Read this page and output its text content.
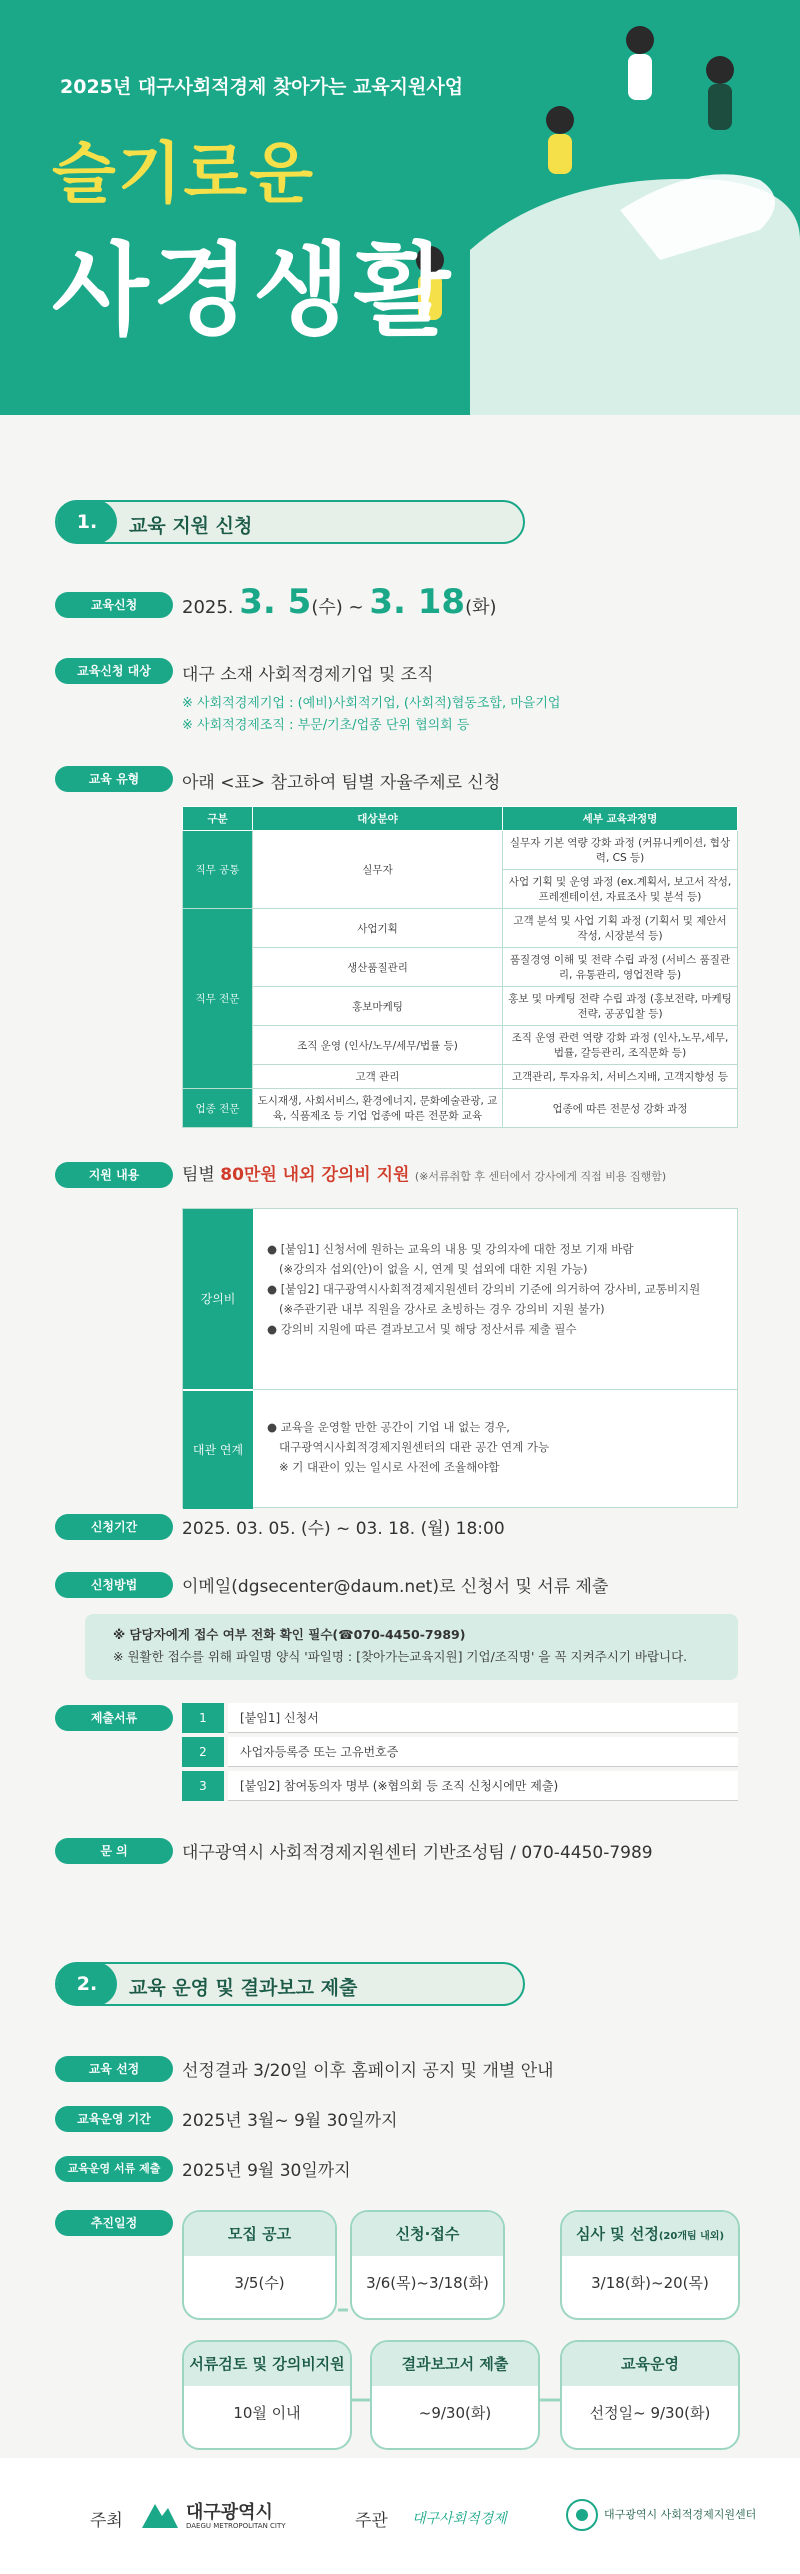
2025년 대구사회적경제 찾아가는 교육지원사업
슬기로운
사경생활
1.	교육 지원 신청
교육신청	2025. 3. 5(수) ~ 3. 18(화)
교육신청 대상	대구 소재 사회적경제기업 및 조직
※ 사회적경제기업 : (예비)사회적기업, (사회적)협동조합, 마을기업
※ 사회적경제조직 : 부문/기초/업종 단위 협의회 등
교육 유형	아래 <표> 참고하여 팀별 자율주제로 신청
구분	대상분야	세부 교육과정명
직무 공통	실무자	실무자 기본 역량 강화 과정 (커뮤니케이션, 협상력, CS 등)
		사업 기획 및 운영 과정 (ex.계획서, 보고서 작성, 프레젠테이션, 자료조사 및 분석 등)
직무 전문	사업기획	고객 분석 및 사업 기획 과정 (기획서 및 제안서 작성, 시장분석 등)
	생산품질관리	품질경영 이해 및 전략 수립 과정 (서비스 품질관리, 유통관리, 영업전략 등)
	홍보마케팅	홍보 및 마케팅 전략 수립 과정 (홍보전략, 마케팅 전략, 공공입찰 등)
	조직 운영 (인사/노무/세무/법률 등)	조직 운영 관련 역량 강화 과정 (인사,노무,세무,법률, 갈등관리, 조직문화 등)
	고객 관리	고객관리, 투자유치, 서비스지배, 고객지향성 등
업종 전문	도시재생, 사회서비스, 환경에너지, 문화예술관광, 교육, 식품제조 등 기업 업종에 따른 전문화 교육	업종에 따른 전문성 강화 과정
지원 내용	팀별 80만원 내외 강의비 지원 (※서류취합 후 센터에서 강사에게 직접 비용 집행함)
강의비
● [붙임1] 신청서에 원하는 교육의 내용 및 강의자에 대한 정보 기재 바람
(※강의자 섭외(안)이 없을 시, 연계 및 섭외에 대한 지원 가능)
● [붙임2] 대구광역시사회적경제지원센터 강의비 기준에 의거하여 강사비, 교통비지원
(※주관기관 내부 직원을 강사로 초빙하는 경우 강의비 지원 불가)
● 강의비 지원에 따른 결과보고서 및 해당 정산서류 제출 필수
대관 연계
● 교육을 운영할 만한 공간이 기업 내 없는 경우,
대구광역시사회적경제지원센터의 대관 공간 연계 가능
※ 기 대관이 있는 일시로 사전에 조율해야함
신청기간	2025. 03. 05. (수) ~ 03. 18. (월) 18:00
신청방법	이메일(dgsecenter@daum.net)로 신청서 및 서류 제출
※ 담당자에게 접수 여부 전화 확인 필수(☎070-4450-7989)
※ 원활한 접수를 위해 파일명 양식 '파일명 : [찾아가는교육지원] 기업/조직명' 을 꼭 지켜주시기 바랍니다.
제출서류	1	[붙임1] 신청서
2	사업자등록증 또는 고유번호증
3	[붙임2] 참여동의자 명부 (※협의회 등 조직 신청시에만 제출)
문 의	대구광역시 사회적경제지원센터 기반조성팀 / 070-4450-7989
2.	교육 운영 및 결과보고 제출
교육 선정	선정결과 3/20일 이후 홈페이지 공지 및 개별 안내
교육운영 기간	2025년 3월~ 9월 30일까지
교육운영 서류 제출	2025년 9월 30일까지
추진일정
모집 공고
3/5(수)
신청·접수
3/6(목)~3/18(화)
심사 및 선정(20개팀 내외)
3/18(화)~20(목)
서류검토 및 강의비지원
10월 이내
결과보고서 제출
~9/30(화)
교육운영
선정일~ 9/30(화)
주최	대구광역시
DAEGU METROPOLITAN CITY	주관 대구사회적경제	대구광역시 사회적경제지원센터
